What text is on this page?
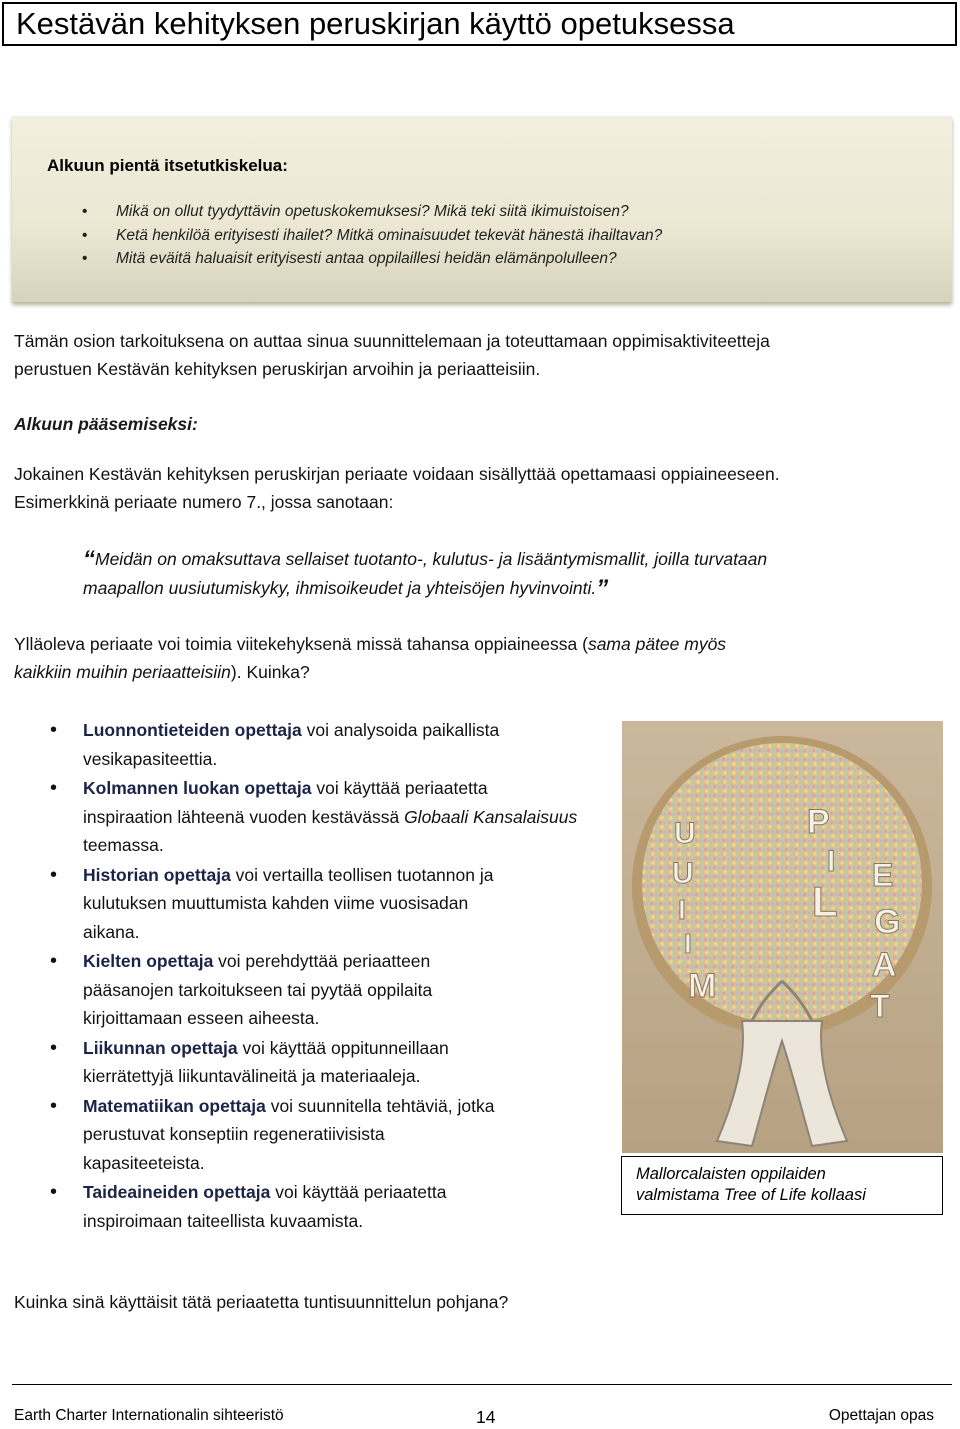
Kestävän kehityksen peruskirjan käyttö opetuksessa
Alkuun pientä itsetutkiskelua:
• Mikä on ollut tyydyttävin opetuskokemuksesi? Mikä teki siitä ikimuistoisen?
• Ketä henkilöä erityisesti ihailet? Mitkä ominaisuudet tekevät hänestä ihailtavan?
• Mitä eväitä haluaisit erityisesti antaa oppilaillesi heidän elämänpolulleen?
Tämän osion tarkoituksena on auttaa sinua suunnittelemaan ja toteuttamaan oppimisaktiviteetteja
perustuen Kestävän kehityksen peruskirjan arvoihin ja periaatteisiin.
Alkuun pääsemiseksi:
Jokainen Kestävän kehityksen peruskirjan periaate voidaan sisällyttää opettamaasi oppiaineeseen.
Esimerkkinä periaate numero 7., jossa sanotaan:
“Meidän on omaksuttava sellaiset tuotanto-, kulutus- ja lisääntymismallit, joilla turvataan
maapallon uusiutumiskyky, ihmisoikeudet ja yhteisöjen hyvinvointi.”
Ylläoleva periaate voi toimia viitekehyksenä missä tahansa oppiaineessa (sama pätee myös
kaikkiin muihin periaatteisiin). Kuinka?
• Luonnontieteiden opettaja voi analysoida paikallista
vesikapasiteettia.
• Kolmannen luokan opettaja voi käyttää periaatetta
inspiraation lähteenä vuoden kestävässä Globaali Kansalaisuus teemassa.
• Historian opettaja voi vertailla teollisen tuotannon ja
kulutuksen muuttumista kahden viime vuosisadan
aikana.
• Kielten opettaja voi perehdyttää periaatteen
pääsanojen tarkoitukseen tai pyytää oppilaita
kirjoittamaan esseen aiheesta.
• Liikunnan opettaja voi käyttää oppitunneillaan
kierrätettyjä liikuntavälineitä ja materiaaleja.
• Matematiikan opettaja voi suunnitella tehtäviä, jotka
perustuvat konseptiin regeneratiivisista
kapasiteeteista.
• Taideaineiden opettaja voi käyttää periaatetta
inspiroimaan taiteellista kuvaamista.
U
U
I
I
M
P
I
L
E
G
A
T
Mallorcalaisten oppilaiden
valmistama Tree of Life kollaasi
Kuinka sinä käyttäisit tätä periaatetta tuntisuunnittelun pohjana?
Earth Charter Internationalin sihteeristö	14	Opettajan opas
